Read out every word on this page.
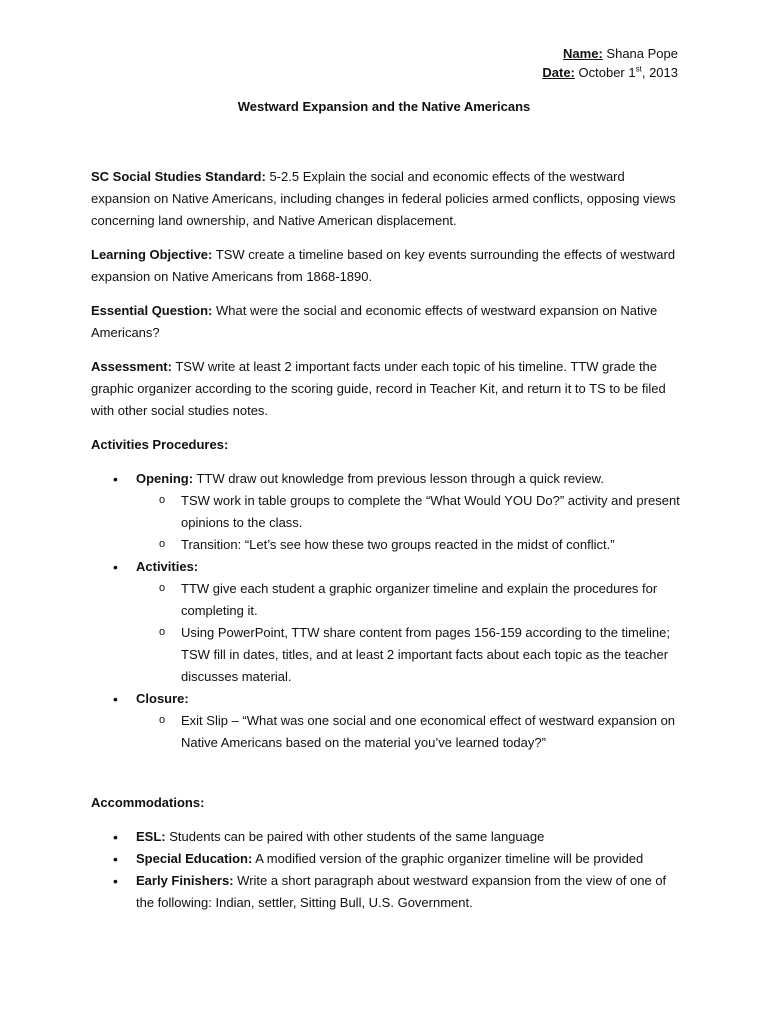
Name: Shana Pope
Date: October 1st, 2013
Westward Expansion and the Native Americans

SC Social Studies Standard: 5-2.5 Explain the social and economic effects of the westward expansion on Native Americans, including changes in federal policies armed conflicts, opposing views concerning land ownership, and Native American displacement.

Learning Objective: TSW create a timeline based on key events surrounding the effects of westward expansion on Native Americans from 1868-1890.

Essential Question: What were the social and economic effects of westward expansion on Native Americans?

Assessment: TSW write at least 2 important facts under each topic of his timeline. TTW grade the graphic organizer according to the scoring guide, record in Teacher Kit, and return it to TS to be filed with other social studies notes.

Activities Procedures:
• Opening: TTW draw out knowledge from previous lesson through a quick review.
o TSW work in table groups to complete the “What Would YOU Do?” activity and present opinions to the class.
o Transition: “Let’s see how these two groups reacted in the midst of conflict.”
• Activities:
o TTW give each student a graphic organizer timeline and explain the procedures for completing it.
o Using PowerPoint, TTW share content from pages 156-159 according to the timeline; TSW fill in dates, titles, and at least 2 important facts about each topic as the teacher discusses material.
• Closure:
o Exit Slip – “What was one social and one economical effect of westward expansion on Native Americans based on the material you’ve learned today?”
Accommodations:
• ESL: Students can be paired with other students of the same language
• Special Education: A modified version of the graphic organizer timeline will be provided
• Early Finishers: Write a short paragraph about westward expansion from the view of one of the following: Indian, settler, Sitting Bull, U.S. Government.
